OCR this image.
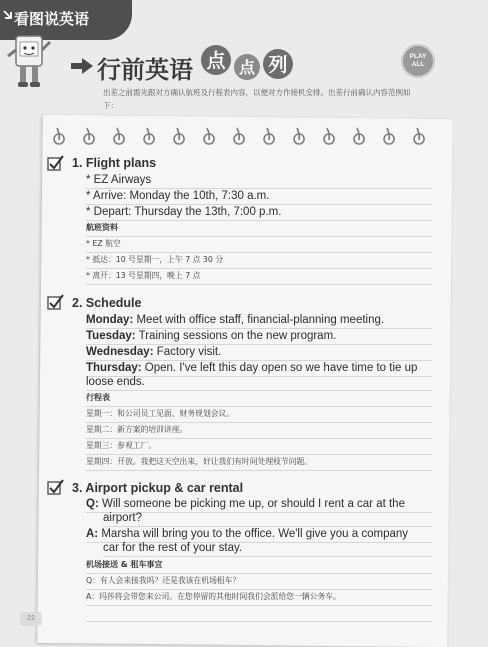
看图说英语
行前英语 点 点 列	PLAY
ALL
出差之前需先跟对方确认航班及行程表内容，以便对方作接机安排。出差行前确认内容范例如下：
1. Flight plans
* EZ Airways
* Arrive: Monday the 10th, 7:30 a.m.
* Depart: Thursday the 13th, 7:00 p.m.
航班资料
* EZ 航空
* 抵达：10 号星期一，上午 7 点 30 分
* 离开：13 号星期四，晚上 7 点
2. Schedule
Monday: Meet with office staff, financial-planning meeting.
Tuesday: Training sessions on the new program.
Wednesday: Factory visit.
Thursday: Open. I've left this day open so we have time to tie up
loose ends.
行程表
星期一：和公司员工见面、财务规划会议。
星期二：新方案的培训讲座。
星期三：参观工厂。
星期四：开放。我把这天空出来，好让我们有时间处理枝节问题。
3. Airport pickup & car rental
Q: Will someone be picking me up, or should I rent a car at the
airport?
A: Marsha will bring you to the office. We'll give you a company
car for the rest of your stay.
机场接送 & 租车事宜
Q：有人会来接我吗？还是我该在机场租车？
A：玛莎将会带您来公司。在您停留的其他时间我们会派给您一辆公务车。
22
